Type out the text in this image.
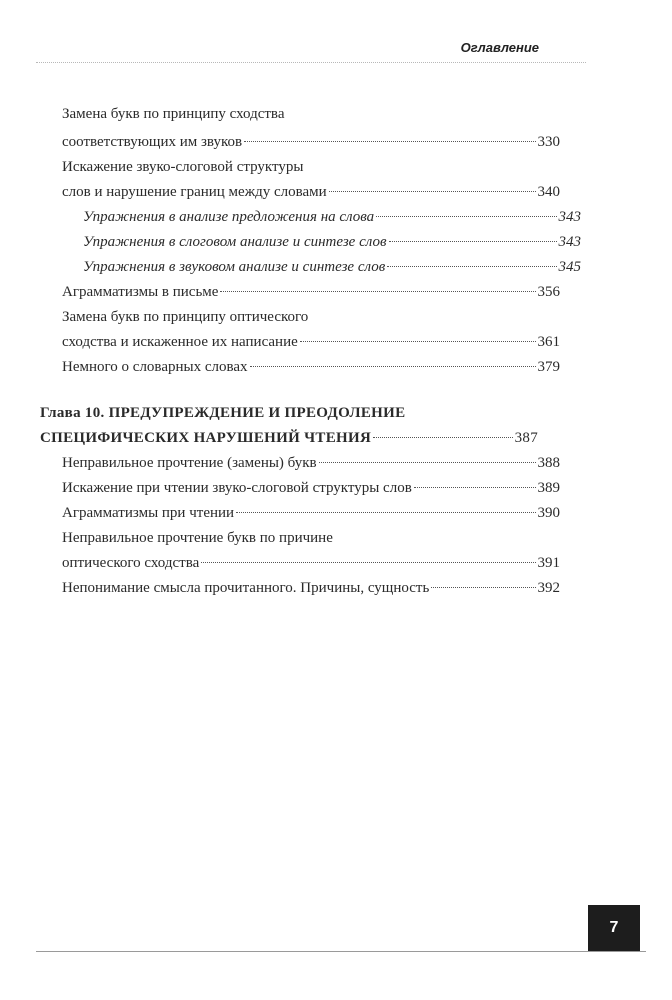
Оглавление
Замена букв по принципу сходства
соответствующих им звуков	330
Искажение звуко-слоговой структуры
слов и нарушение границ между словами	340
Упражнения в анализе предложения на слова	343
Упражнения в слоговом анализе и синтезе слов	343
Упражнения в звуковом анализе и синтезе слов	345
Аграмматизмы в письме	356
Замена букв по принципу оптического
сходства и искаженное их написание	361
Немного о словарных словах	379
Глава 10. ПРЕДУПРЕЖДЕНИЕ И ПРЕОДОЛЕНИЕ
СПЕЦИФИЧЕСКИХ НАРУШЕНИЙ ЧТЕНИЯ	387
Неправильное прочтение (замены) букв	388
Искажение при чтении звуко-слоговой структуры слов	389
Аграмматизмы при чтении	390
Неправильное прочтение букв по причине
оптического сходства	391
Непонимание смысла прочитанного. Причины, сущность	392
7
